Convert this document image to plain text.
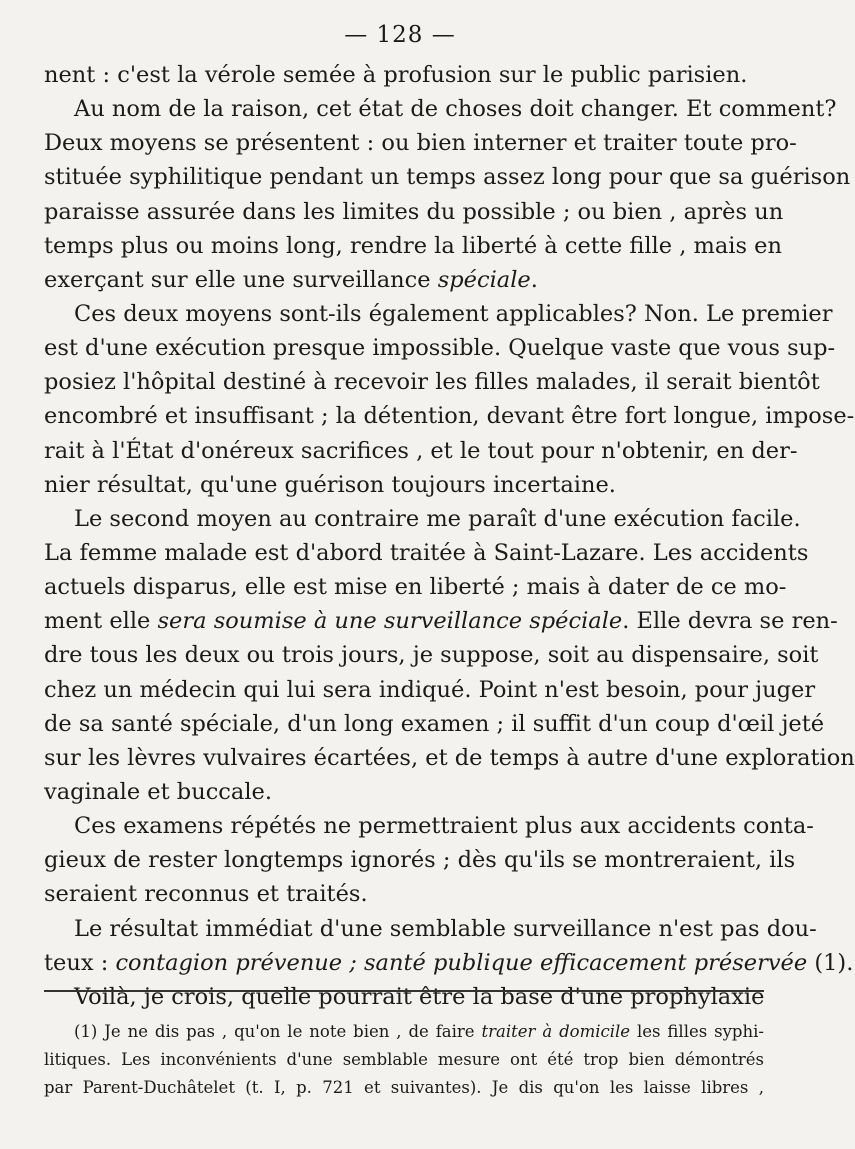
— 128 —
nent : c'est la vérole semée à profusion sur le public parisien.
Au nom de la raison, cet état de choses doit changer. Et comment?
Deux moyens se présentent : ou bien interner et traiter toute pro-
stituée syphilitique pendant un temps assez long pour que sa guérison
paraisse assurée dans les limites du possible ; ou bien , après un
temps plus ou moins long, rendre la liberté à cette fille , mais en
exerçant sur elle une surveillance spéciale.
Ces deux moyens sont-ils également applicables? Non. Le premier
est d'une exécution presque impossible. Quelque vaste que vous sup-
posiez l'hôpital destiné à recevoir les filles malades, il serait bientôt
encombré et insuffisant ; la détention, devant être fort longue, impose-
rait à l'État d'onéreux sacrifices , et le tout pour n'obtenir, en der-
nier résultat, qu'une guérison toujours incertaine.
Le second moyen au contraire me paraît d'une exécution facile.
La femme malade est d'abord traitée à Saint-Lazare. Les accidents
actuels disparus, elle est mise en liberté ; mais à dater de ce mo-
ment elle sera soumise à une surveillance spéciale. Elle devra se ren-
dre tous les deux ou trois jours, je suppose, soit au dispensaire, soit
chez un médecin qui lui sera indiqué. Point n'est besoin, pour juger
de sa santé spéciale, d'un long examen ; il suffit d'un coup d'œil jeté
sur les lèvres vulvaires écartées, et de temps à autre d'une exploration
vaginale et buccale.
Ces examens répétés ne permettraient plus aux accidents conta-
gieux de rester longtemps ignorés ; dès qu'ils se montreraient, ils
seraient reconnus et traités.
Le résultat immédiat d'une semblable surveillance n'est pas dou-
teux : contagion prévenue ; santé publique efficacement préservée (1).
Voilà, je crois, quelle pourrait être la base d'une prophylaxie
(1) Je ne dis pas , qu'on le note bien , de faire traiter à domicile les filles syphi-
litiques. Les inconvénients d'une semblable mesure ont été trop bien démontrés
par Parent-Duchâtelet (t. I, p. 721 et suivantes). Je dis qu'on les laisse libres ,
